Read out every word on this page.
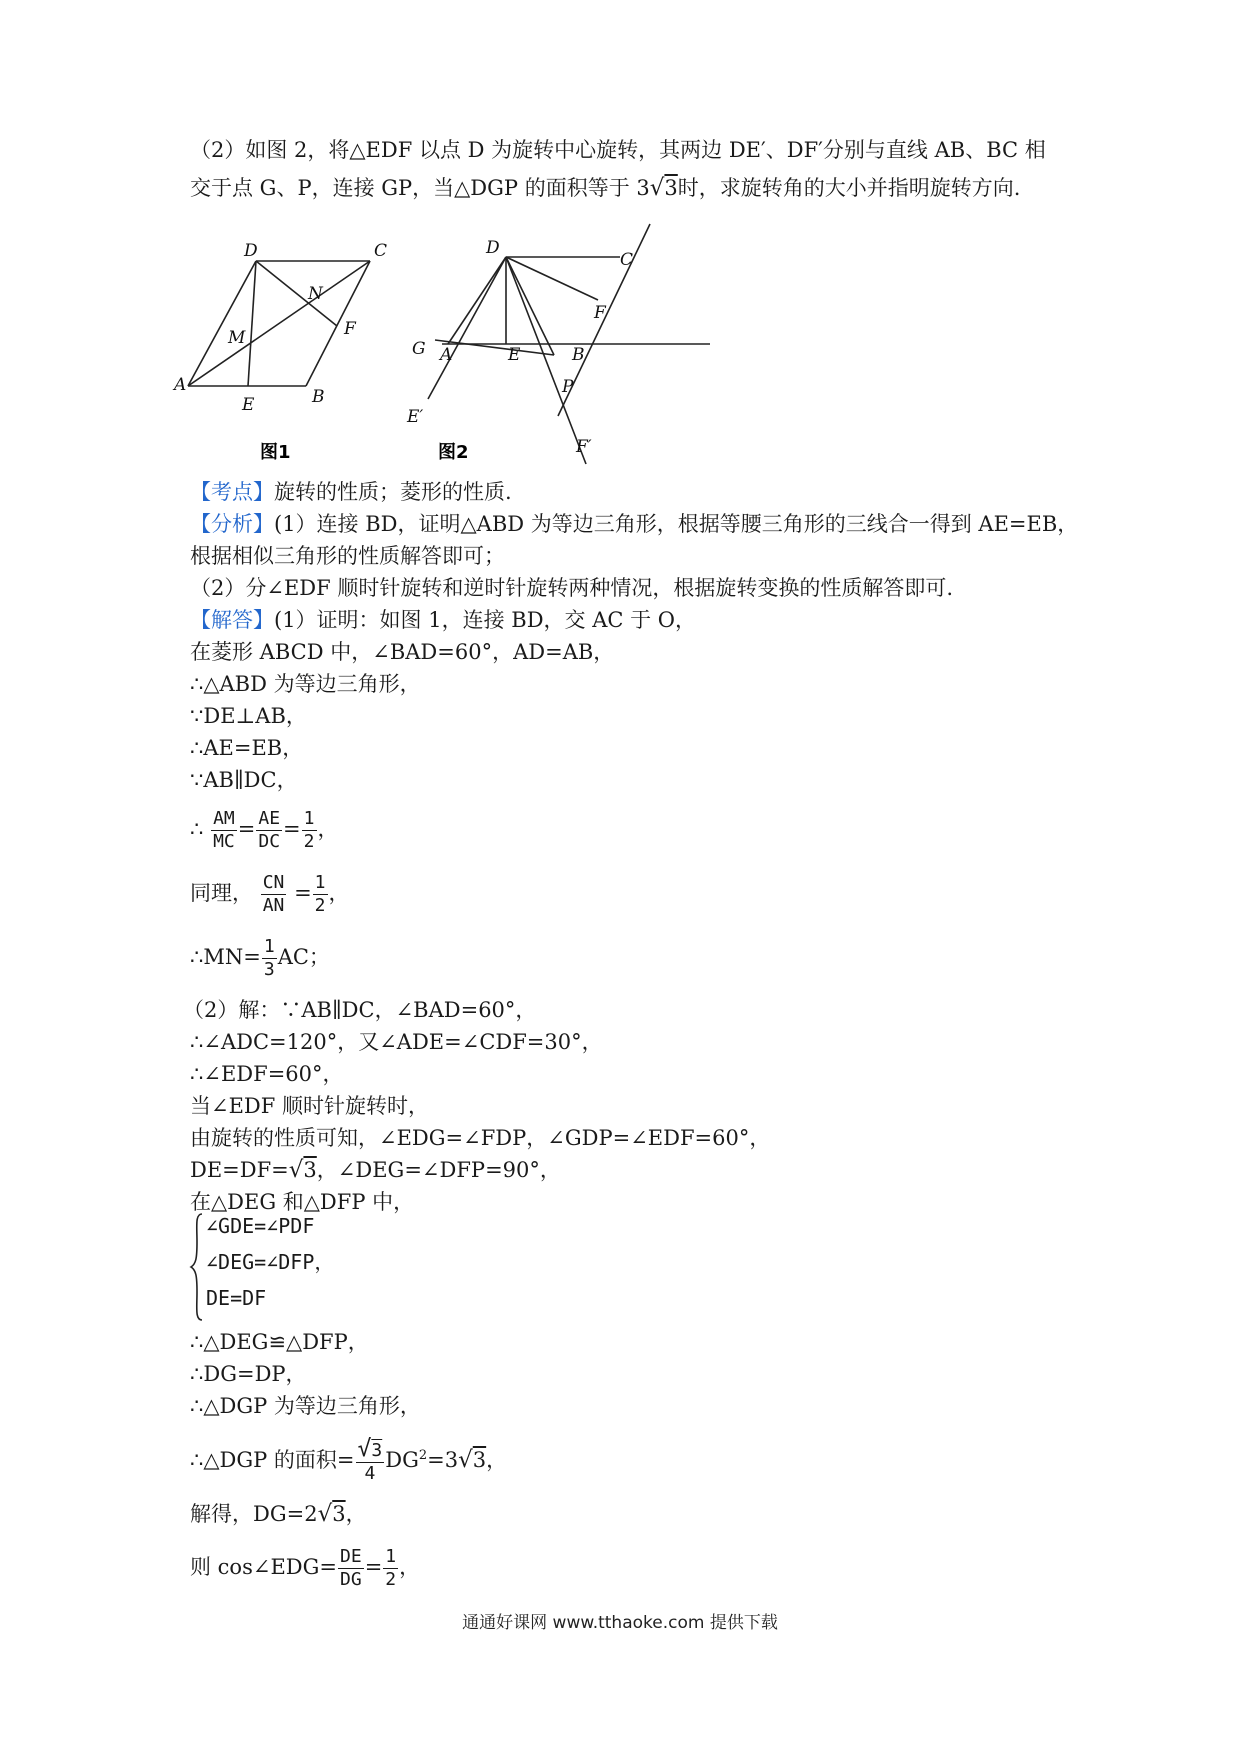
（2）如图 2，将△EDF 以点 D 为旋转中心旋转，其两边 DE′、DF′分别与直线 AB、BC 相
交于点 G、P，连接 GP，当△DGP 的面积等于 3√3时，求旋转角的大小并指明旋转方向.
D	C
N
M	F
A
E	B
图1
D
C
F
G A	E	B
P
E′
F′
图2
【考点】旋转的性质；菱形的性质.
【分析】(1）连接 BD，证明△ABD 为等边三角形，根据等腰三角形的三线合一得到 AE=EB，
根据相似三角形的性质解答即可；
（2）分∠EDF 顺时针旋转和逆时针旋转两种情况，根据旋转变换的性质解答即可.
【解答】(1）证明：如图 1，连接 BD，交 AC 于 O，
在菱形 ABCD 中，∠BAD=60°，AD=AB，
∴△ABD 为等边三角形，
∵DE⊥AB，
∴AE=EB，
∵AB∥DC，
∴ $\frac{AM}{MC} = \frac{AE}{DC} = \frac{1}{2}$ ，
同理， $\frac{CN}{AN} = \frac{1}{2}$ ，
∴MN= $\frac{1}{3}$ AC；
（2）解：∵AB∥DC，∠BAD=60°，
∴∠ADC=120°，又∠ADE=∠CDF=30°，
∴∠EDF=60°，
当∠EDF 顺时针旋转时，
由旋转的性质可知，∠EDG=∠FDP，∠GDP=∠EDF=60°，
DE=DF=√3，∠DEG=∠DFP=90°，
在△DEG 和△DFP 中，
∠GDE=∠PDF
∠DEG=∠DFP，
DE=DF
∴△DEG≌△DFP，
∴DG=DP，
∴△DGP 为等边三角形，
∴△DGP 的面积= $\frac{√3}{4} DG^2=3√3$，
解得，DG=2√3，
则 cos∠EDG= $\frac{DE}{DG} = \frac{1}{2}$ ，
通通好课网 www.tthaoke.com 提供下载
